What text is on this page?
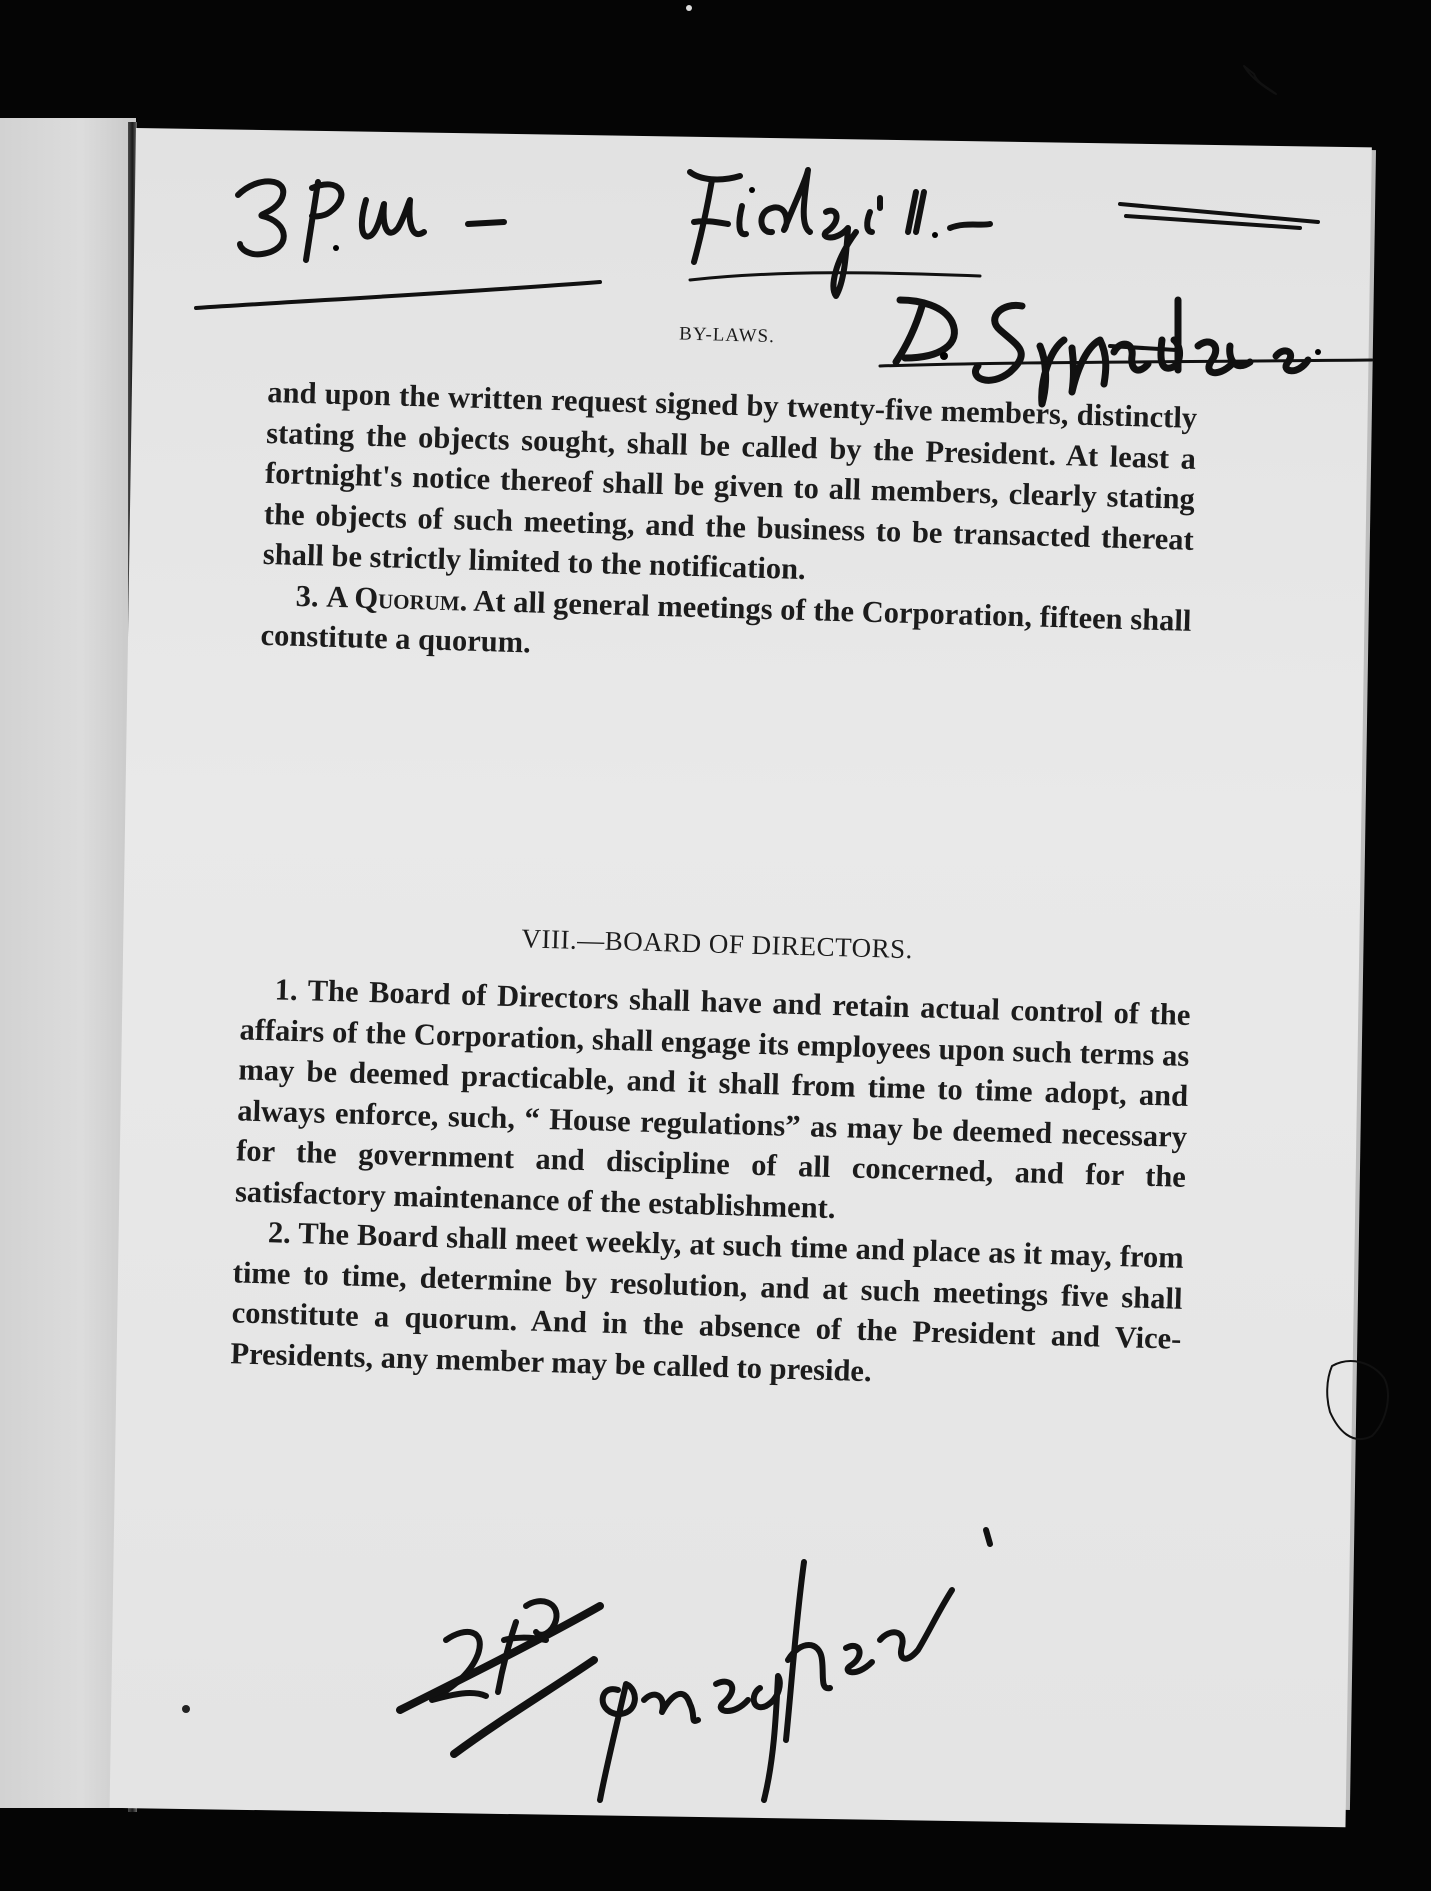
BY-LAWS.

and upon the written request signed by twenty-five members, distinctly stating the objects sought, shall be called by the President. At least a fortnight's notice thereof shall be given to all members, clearly stating the objects of such meeting, and the business to be transacted thereat shall be strictly limited to the notification.

3. A Quorum. At all general meetings of the Corporation, fifteen shall constitute a quorum.

VIII.—BOARD OF DIRECTORS.

1. The Board of Directors shall have and retain actual control of the affairs of the Corporation, shall engage its employees upon such terms as may be deemed practicable, and it shall from time to time adopt, and always enforce, such, “ House regulations” as may be deemed necessary for the government and discipline of all concerned, and for the satisfactory maintenance of the establishment.

2. The Board shall meet weekly, at such time and place as it may, from time to time, determine by resolution, and at such meetings five shall constitute a quorum. And in the absence of the President and Vice-Presidents, any member may be called to preside.
